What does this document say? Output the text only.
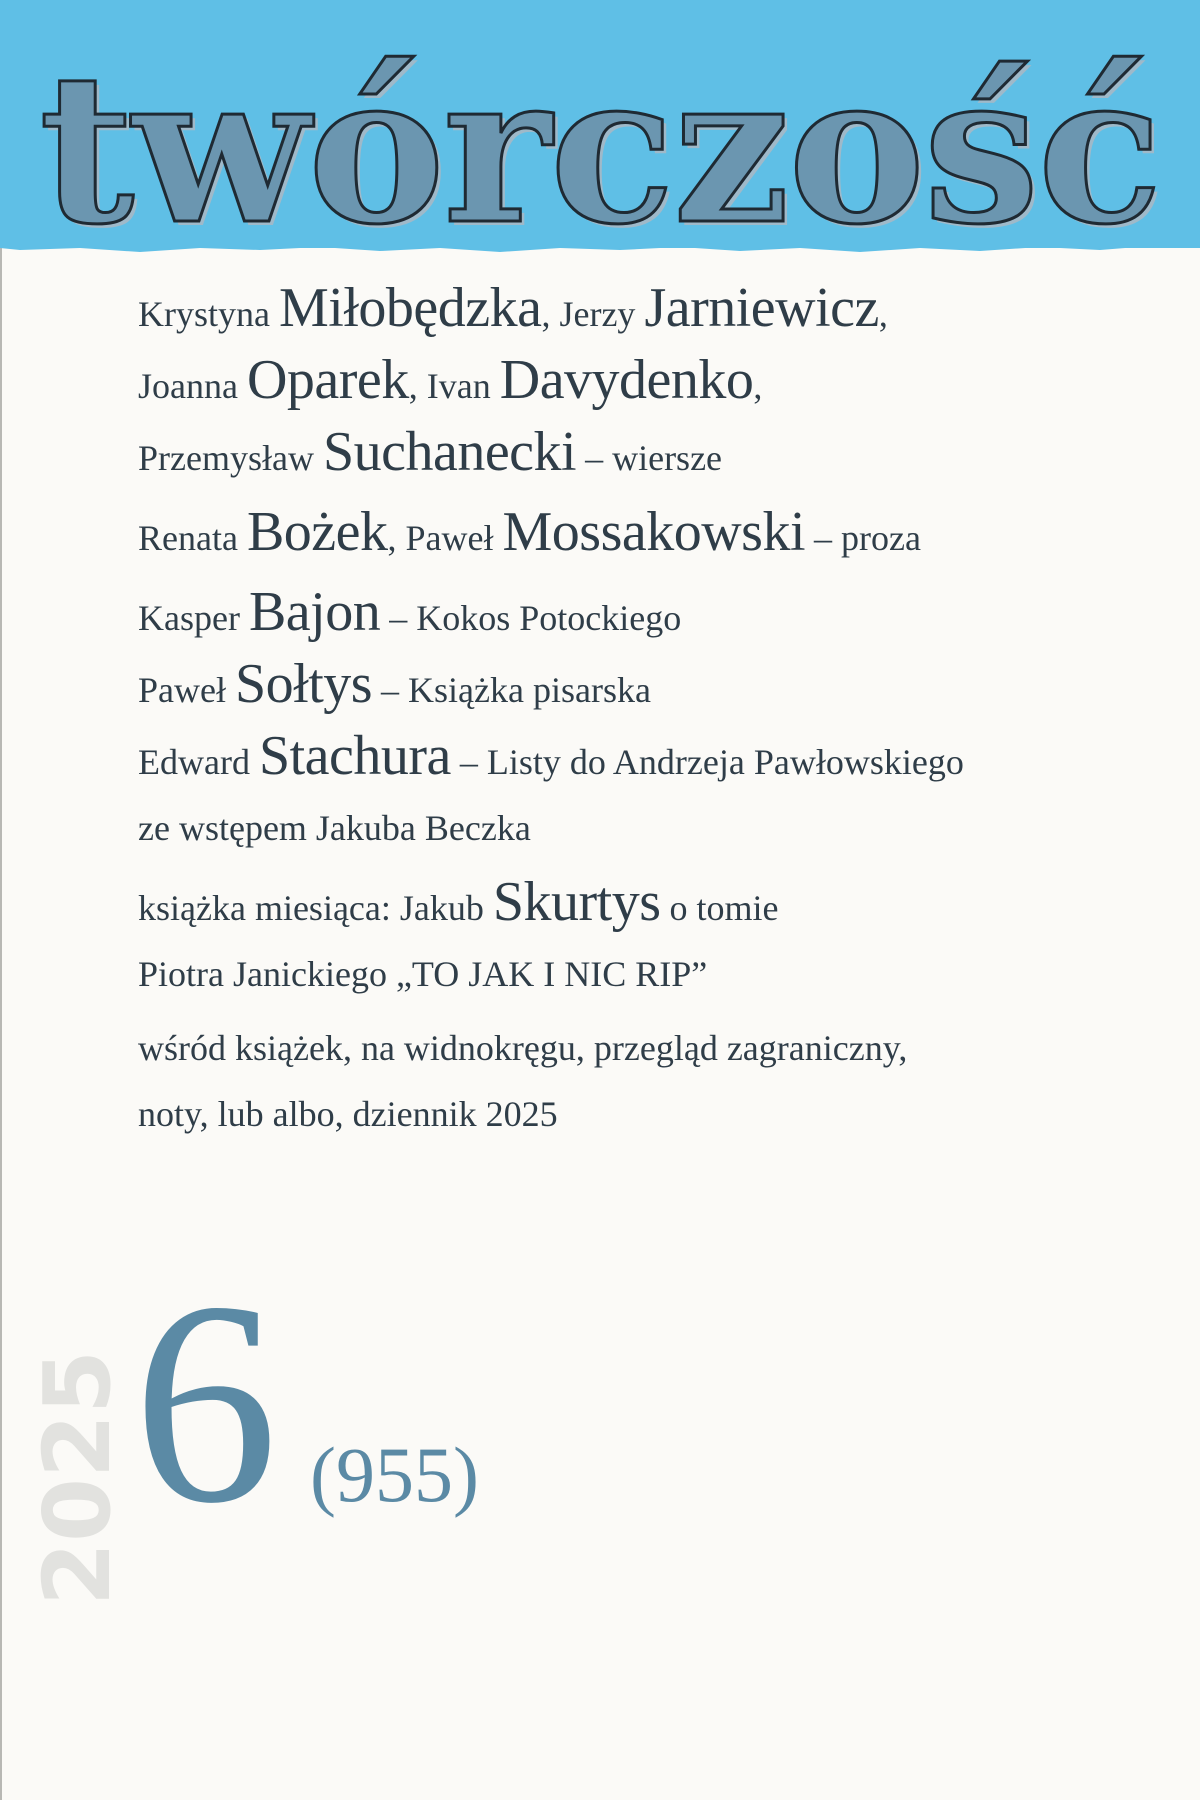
twórczość
Krystyna Miłobędzka, Jerzy Jarniewicz,
Joanna Oparek, Ivan Davydenko,
Przemysław Suchanecki – wiersze
Renata Bożek, Paweł Mossakowski – proza
Kasper Bajon – Kokos Potockiego
Paweł Sołtys – Książka pisarska
Edward Stachura – Listy do Andrzeja Pawłowskiego
ze wstępem Jakuba Beczka
książka miesiąca: Jakub Skurtys o tomie
Piotra Janickiego „TO JAK I NIC RIP”
wśród książek, na widnokręgu, przegląd zagraniczny,
noty, lub albo, dziennik 2025
2025 6 (955)
